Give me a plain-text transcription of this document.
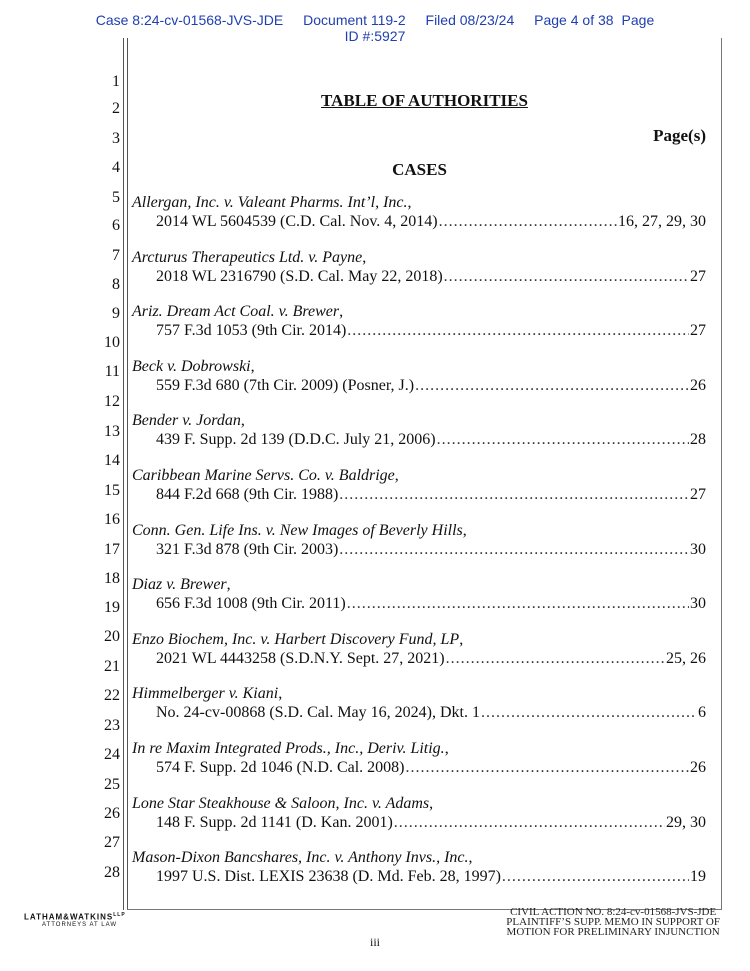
Case 8:24-cv-01568-JVS-JDE Document 119-2 Filed 08/23/24 Page 4 of 38 Page
ID #:5927
1
2
3
4
5
6
7
8
9
10
11
12
13
14
15
16
17
18
19
20
21
22
23
24
25
26
27
28
TABLE OF AUTHORITIES
Page(s)
CASES
Allergan, Inc. v. Valeant Pharms. Int’l, Inc.,
2014 WL 5604539 (C.D. Cal. Nov. 4, 2014) .....	16, 27, 29, 30
Arcturus Therapeutics Ltd. v. Payne,
2018 WL 2316790 (S.D. Cal. May 22, 2018) .....	27
Ariz. Dream Act Coal. v. Brewer,
757 F.3d 1053 (9th Cir. 2014) .....	27
Beck v. Dobrowski,
559 F.3d 680 (7th Cir. 2009) (Posner, J.) .....	26
Bender v. Jordan,
439 F. Supp. 2d 139 (D.D.C. July 21, 2006) .....	28
Caribbean Marine Servs. Co. v. Baldrige,
844 F.2d 668 (9th Cir. 1988) .....	27
Conn. Gen. Life Ins. v. New Images of Beverly Hills,
321 F.3d 878 (9th Cir. 2003) .....	30
Diaz v. Brewer,
656 F.3d 1008 (9th Cir. 2011) .....	30
Enzo Biochem, Inc. v. Harbert Discovery Fund, LP,
2021 WL 4443258 (S.D.N.Y. Sept. 27, 2021) .....	25, 26
Himmelberger v. Kiani,
No. 24-cv-00868 (S.D. Cal. May 16, 2024), Dkt. 1 .....	6
In re Maxim Integrated Prods., Inc., Deriv. Litig.,
574 F. Supp. 2d 1046 (N.D. Cal. 2008) .....	26
Lone Star Steakhouse & Saloon, Inc. v. Adams,
148 F. Supp. 2d 1141 (D. Kan. 2001) .....	29, 30
Mason-Dixon Bancshares, Inc. v. Anthony Invs., Inc.,
1997 U.S. Dist. LEXIS 23638 (D. Md. Feb. 28, 1997) .....	19
$LATHAM\&WATKINS^{LLP}$
ATTORNEYS AT LAW
CIVIL ACTION NO. 8:24-cv-01568-JVS-JDE
PLAINTIFF’S SUPP. MEMO IN SUPPORT OF
MOTION FOR PRELIMINARY INJUNCTION
iii
